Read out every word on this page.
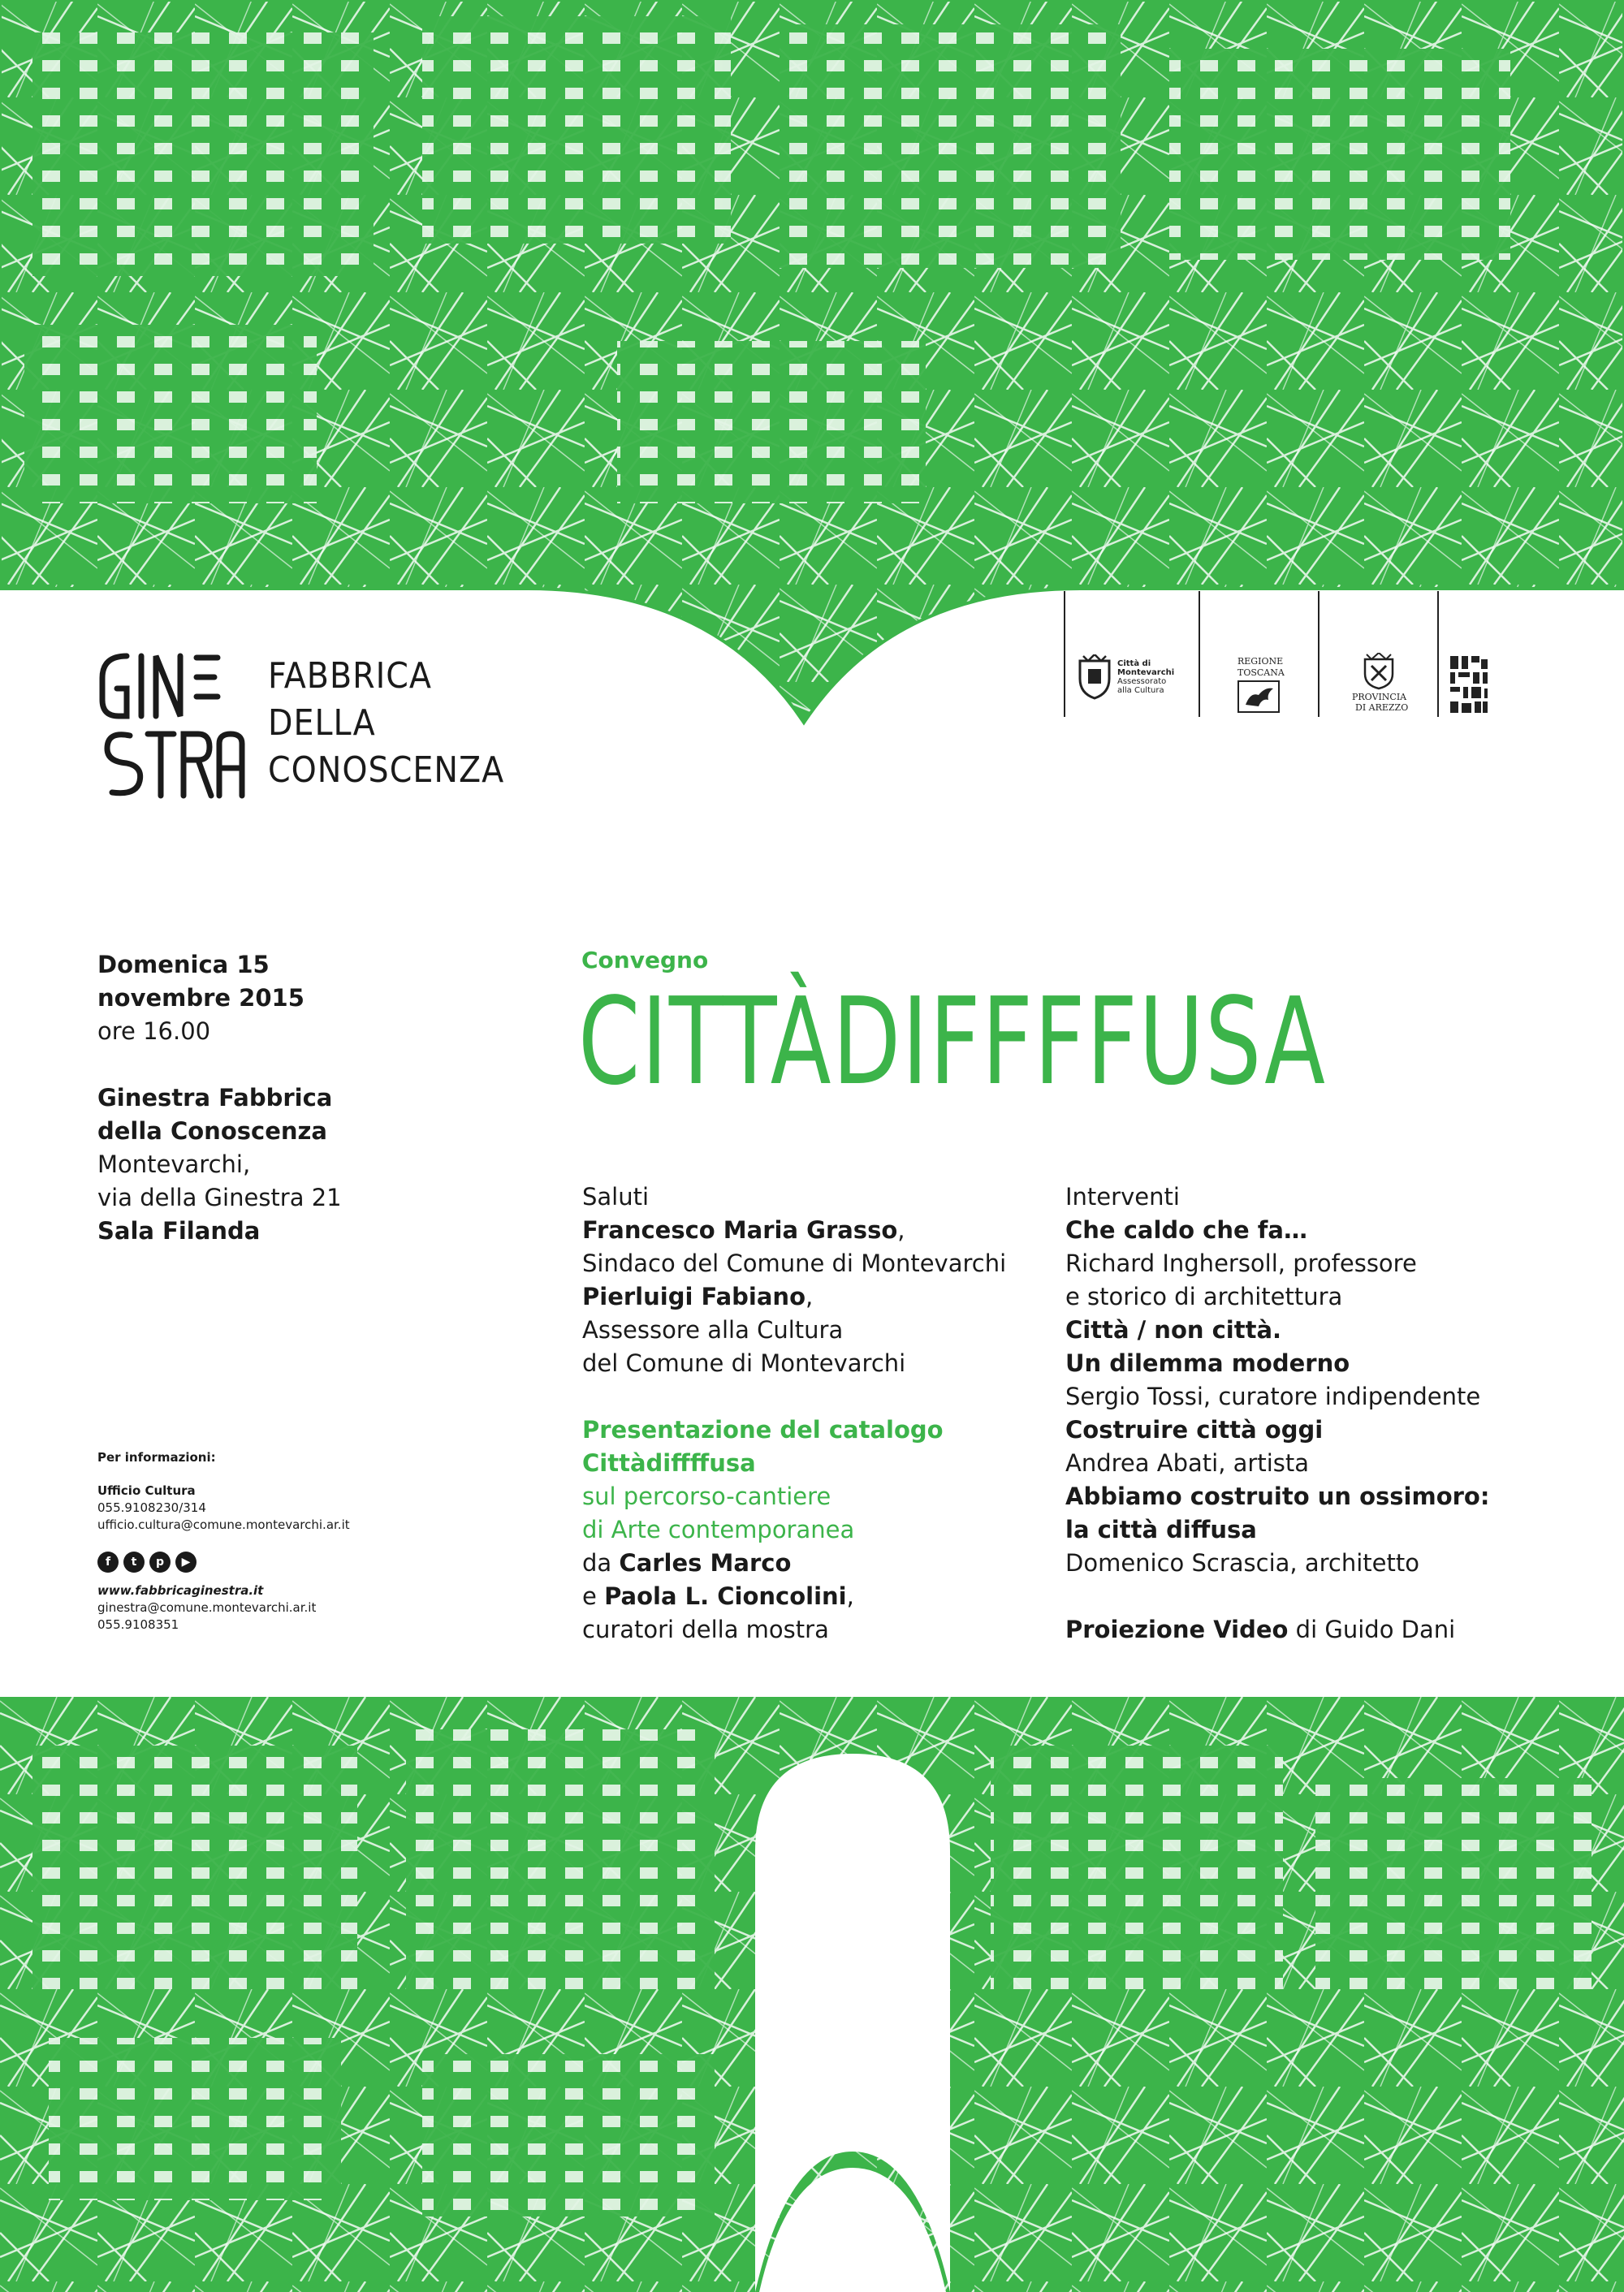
FABBRICA
DELLA
CONOSCENZA
Città di
Montevarchi
Assessorato
alla Cultura
REGIONE
TOSCANA
PROVINCIA
DI AREZZO
Domenica 15
novembre 2015
ore 16.00
Ginestra Fabbrica
della Conoscenza
Montevarchi,
via della Ginestra 21
Sala Filanda
Per informazioni:
Ufficio Cultura
055.9108230/314
ufficio.cultura@comune.montevarchi.ar.it
f	t	p	▶
www.fabbricaginestra.it
ginestra@comune.montevarchi.ar.it
055.9108351
Convegno
CITTÀDIFFFFUSA
Saluti
Francesco Maria Grasso,
Sindaco del Comune di Montevarchi
Pierluigi Fabiano,
Assessore alla Cultura
del Comune di Montevarchi
Presentazione del catalogo
Cittàdiffffusa
sul percorso-cantiere
di Arte contemporanea
da Carles Marco
e Paola L. Cioncolini,
curatori della mostra
Interventi
Che caldo che fa…
Richard Inghersoll, professore
e storico di architettura
Città / non città.
Un dilemma moderno
Sergio Tossi, curatore indipendente
Costruire città oggi
Andrea Abati, artista
Abbiamo costruito un ossimoro:
la città diffusa
Domenico Scrascia, architetto
Proiezione Video di Guido Dani
